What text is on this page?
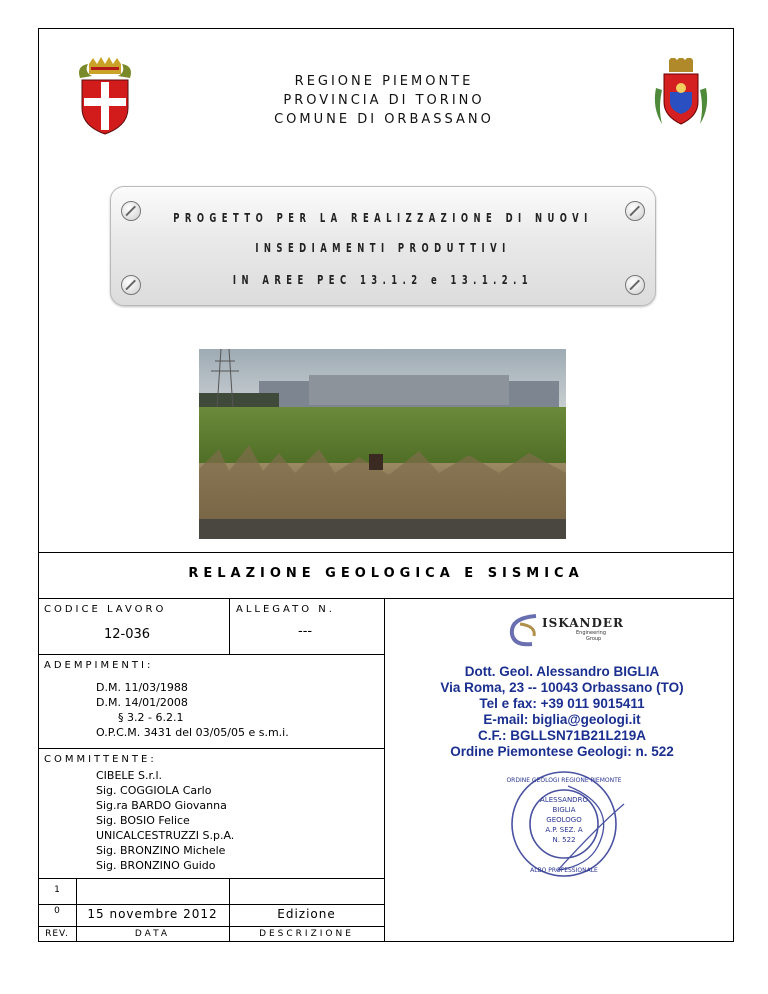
REGIONE PIEMONTE
PROVINCIA DI TORINO
COMUNE DI ORBASSANO
PROGETTO PER LA REALIZZAZIONE DI NUOVI
INSEDIAMENTI PRODUTTIVI
IN AREE PEC 13.1.2 e 13.1.2.1
RELAZIONE GEOLOGICA E SISMICA
CODICE LAVORO
12-036
ALLEGATO N.
---
ADEMPIMENTI:
D.M. 11/03/1988
D.M. 14/01/2008
§ 3.2 - 6.2.1
O.P.C.M. 3431 del 03/05/05 e s.m.i.
COMMITTENTE:
CIBELE S.r.l.
Sig. COGGIOLA Carlo
Sig.ra BARDO Giovanna
Sig. BOSIO Felice
UNICALCESTRUZZI S.p.A.
Sig. BRONZINO Michele
Sig. BRONZINO Guido
1
0	15 novembre 2012	Edizione
REV.	DATA	DESCRIZIONE
ISKANDER
Engineering
Group
Dott. Geol. Alessandro BIGLIA
Via Roma, 23 -- 10043 Orbassano (TO)
Tel e fax: +39 011 9015411
E-mail: biglia@geologi.it
C.F.: BGLLSN71B21L219A
Ordine Piemontese Geologi: n. 522
ALESSANDRO
BIGLIA
GEOLOGO
A.P. SEZ. A
N. 522
ORDINE GEOLOGI REGIONE PIEMONTE
ALBO PROFESSIONALE
